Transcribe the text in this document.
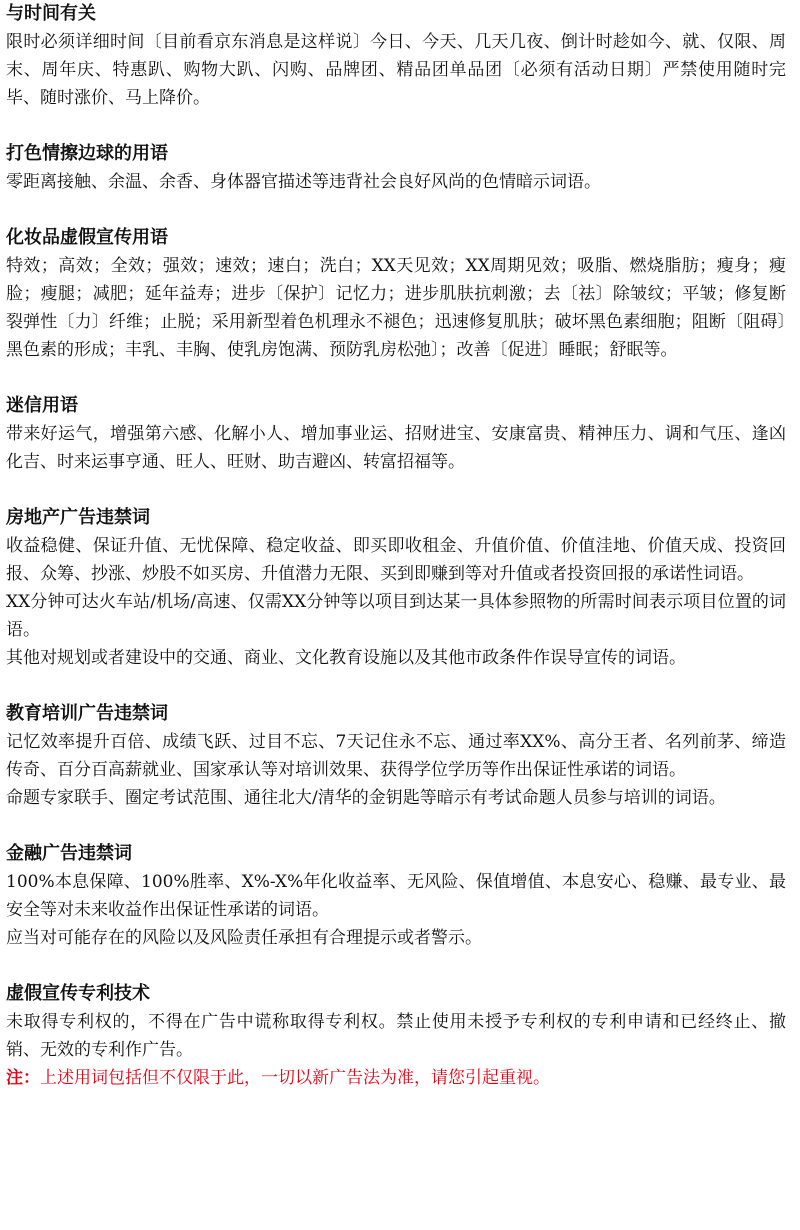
与时间有关

限时必须详细时间〔目前看京东消息是这样说〕今日、今天、几天几夜、倒计时趁如今、就、仅限、周末、周年庆、特惠趴、购物大趴、闪购、品牌团、精品团单品团〔必须有活动日期〕严禁使用随时完毕、随时涨价、马上降价。

打色情擦边球的用语

零距离接触、余温、余香、身体器官描述等违背社会良好风尚的色情暗示词语。

化妆品虚假宣传用语

特效；高效；全效；强效；速效；速白；洗白；XX天见效；XX周期见效；吸脂、燃烧脂肪；瘦身；瘦脸；瘦腿；减肥；延年益寿；进步〔保护〕记忆力；进步肌肤抗刺激；去〔祛〕除皱纹；平皱；修复断裂弹性〔力〕纤维；止脱；采用新型着色机理永不褪色；迅速修复肌肤；破坏黑色素细胞；阻断〔阻碍〕黑色素的形成；丰乳、丰胸、使乳房饱满、预防乳房松弛〕；改善〔促进〕睡眠；舒眠等。

迷信用语

带来好运气，增强第六感、化解小人、增加事业运、招财进宝、安康富贵、精神压力、调和气压、逢凶化吉、时来运事亨通、旺人、旺财、助吉避凶、转富招福等。

房地产广告违禁词

收益稳健、保证升值、无忧保障、稳定收益、即买即收租金、升值价值、价值洼地、价值天成、投资回报、众筹、抄涨、炒股不如买房、升值潜力无限、买到即赚到等对升值或者投资回报的承诺性词语。

XX分钟可达火车站/机场/高速、仅需XX分钟等以项目到达某一具体参照物的所需时间表示项目位置的词语。

其他对规划或者建设中的交通、商业、文化教育设施以及其他市政条件作误导宣传的词语。

教育培训广告违禁词

记忆效率提升百倍、成绩飞跃、过目不忘、7天记住永不忘、通过率XX%、高分王者、名列前茅、缔造传奇、百分百高薪就业、国家承认等对培训效果、获得学位学历等作出保证性承诺的词语。

命题专家联手、圈定考试范围、通往北大/清华的金钥匙等暗示有考试命题人员参与培训的词语。

金融广告违禁词

100%本息保障、100%胜率、X%-X%年化收益率、无风险、保值增值、本息安心、稳赚、最专业、最安全等对未来收益作出保证性承诺的词语。

应当对可能存在的风险以及风险责任承担有合理提示或者警示。

虚假宣传专利技术

未取得专利权的，不得在广告中谎称取得专利权。禁止使用未授予专利权的专利申请和已经终止、撤销、无效的专利作广告。

注：上述用词包括但不仅限于此，一切以新广告法为准，请您引起重视。
